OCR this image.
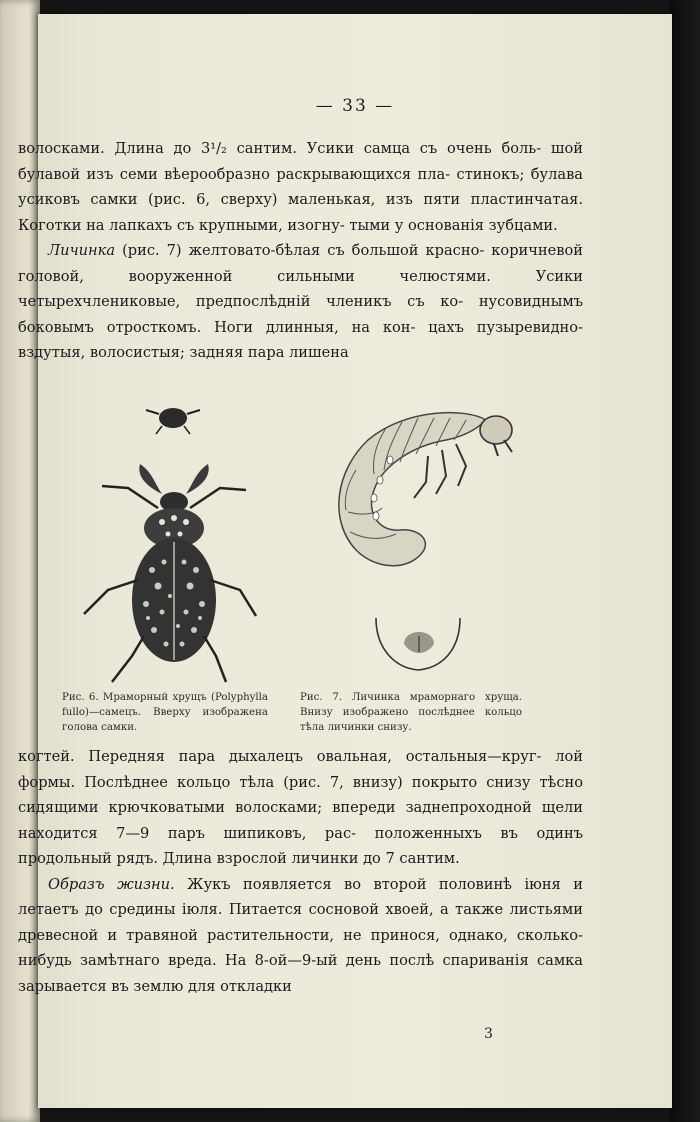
— 33 —

волосками. Длина до 3¹/₂ сантим. Усики самца съ очень боль- шой булавой изъ семи вѣерообразно раскрывающихся пла- стинокъ; булава усиковъ самки (рис. 6, сверху) маленькая, изъ пяти пластинчатая. Коготки на лапкахъ съ крупными, изогну- тыми у основанія зубцами.

Личинка (рис. 7) желтовато-бѣлая съ большой красно- коричневой головой, вооруженной сильными челюстями.	Усики четырехчлениковые, предпослѣдній членикъ съ ко- нусовиднымъ боковымъ отросткомъ. Ноги длинныя, на кон- цахъ пузыревидно-вздутыя, волосистыя; задняя пара лишена

Рис. 6. Мраморный хрущъ (Polyphylla fullo)—самецъ. Вверху изображена голова самки.
Рис. 7. Личинка мраморнаго хруща. Внизу изображено послѣднее кольцо тѣла личинки снизу.

когтей. Передняя пара дыхалецъ овальная, остальныя—круг- лой формы. Послѣднее кольцо тѣла (рис. 7, внизу) покрыто снизу тѣсно сидящими крючковатыми волосками; впереди заднепроходной щели находится 7—9 паръ шипиковъ, рас- положенныхъ въ одинъ продольный рядъ. Длина взрослой личинки до 7 сантим.

Образъ жизни. Жукъ появляется во второй половинѣ іюня и летаетъ до средины іюля. Питается сосновой хвоей, а также листьями древесной и травяной растительности, не принося, однако, сколько-нибудь замѣтнаго вреда. На 8-ой—9-ый день послѣ спариванія самка зарывается въ землю для откладки

3
